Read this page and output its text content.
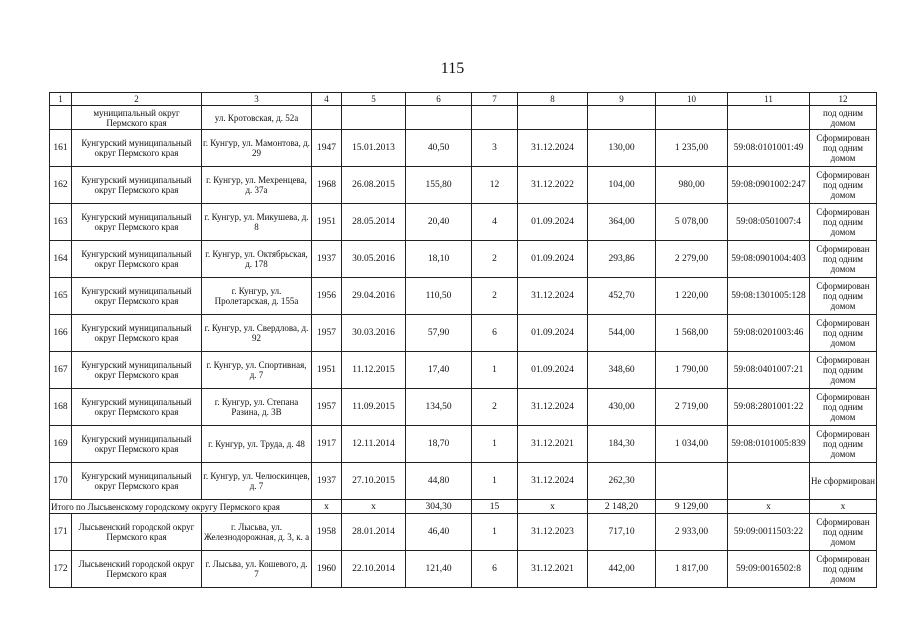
115
1	2	3	4	5	6	7	8	9	10	11	12
	муниципальный округ Пермского края	ул. Кротовская, д. 52а									под одним домом
161	Кунгурский муниципальный округ Пермского края	г. Кунгур, ул. Мамонтова, д. 29	1947	15.01.2013	40,50	3	31.12.2024	130,00	1 235,00	59:08:0101001:49	Сформирован под одним домом
162	Кунгурский муниципальный округ Пермского края	г. Кунгур, ул. Мехренцева, д. 37а	1968	26.08.2015	155,80	12	31.12.2022	104,00	980,00	59:08:0901002:247	Сформирован под одним домом
163	Кунгурский муниципальный округ Пермского края	г. Кунгур, ул. Микушева, д. 8	1951	28.05.2014	20,40	4	01.09.2024	364,00	5 078,00	59:08:0501007:4	Сформирован под одним домом
164	Кунгурский муниципальный округ Пермского края	г. Кунгур, ул. Октябрьская, д. 178	1937	30.05.2016	18,10	2	01.09.2024	293,86	2 279,00	59:08:0901004:403	Сформирован под одним домом
165	Кунгурский муниципальный округ Пермского края	г. Кунгур, ул. Пролетарская, д. 155а	1956	29.04.2016	110,50	2	31.12.2024	452,70	1 220,00	59:08:1301005:128	Сформирован под одним домом
166	Кунгурский муниципальный округ Пермского края	г. Кунгур, ул. Свердлова, д. 92	1957	30.03.2016	57,90	6	01.09.2024	544,00	1 568,00	59:08:0201003:46	Сформирован под одним домом
167	Кунгурский муниципальный округ Пермского края	г. Кунгур, ул. Спортивная, д. 7	1951	11.12.2015	17,40	1	01.09.2024	348,60	1 790,00	59:08:0401007:21	Сформирован под одним домом
168	Кунгурский муниципальный округ Пермского края	г. Кунгур, ул. Степана Разина, д. 3В	1957	11.09.2015	134,50	2	31.12.2024	430,00	2 719,00	59:08:2801001:22	Сформирован под одним домом
169	Кунгурский муниципальный округ Пермского края	г. Кунгур, ул. Труда, д. 48	1917	12.11.2014	18,70	1	31.12.2021	184,30	1 034,00	59:08:0101005:839	Сформирован под одним домом
170	Кунгурский муниципальный округ Пермского края	г. Кунгур, ул. Челюскинцев, д. 7	1937	27.10.2015	44,80	1	31.12.2024	262,30			Не сформирован
Итого по Лысьвенскому городскому округу Пермского края			x	x	304,30	15	x	2 148,20	9 129,00	x	x
171	Лысьвенский городской округ Пермского края	г. Лысьва, ул. Железнодорожная, д. 3, к. а	1958	28.01.2014	46,40	1	31.12.2023	717,10	2 933,00	59:09:0011503:22	Сформирован под одним домом
172	Лысьвенский городской округ Пермского края	г. Лысьва, ул. Кошевого, д. 7	1960	22.10.2014	121,40	6	31.12.2021	442,00	1 817,00	59:09:0016502:8	Сформирован под одним домом
